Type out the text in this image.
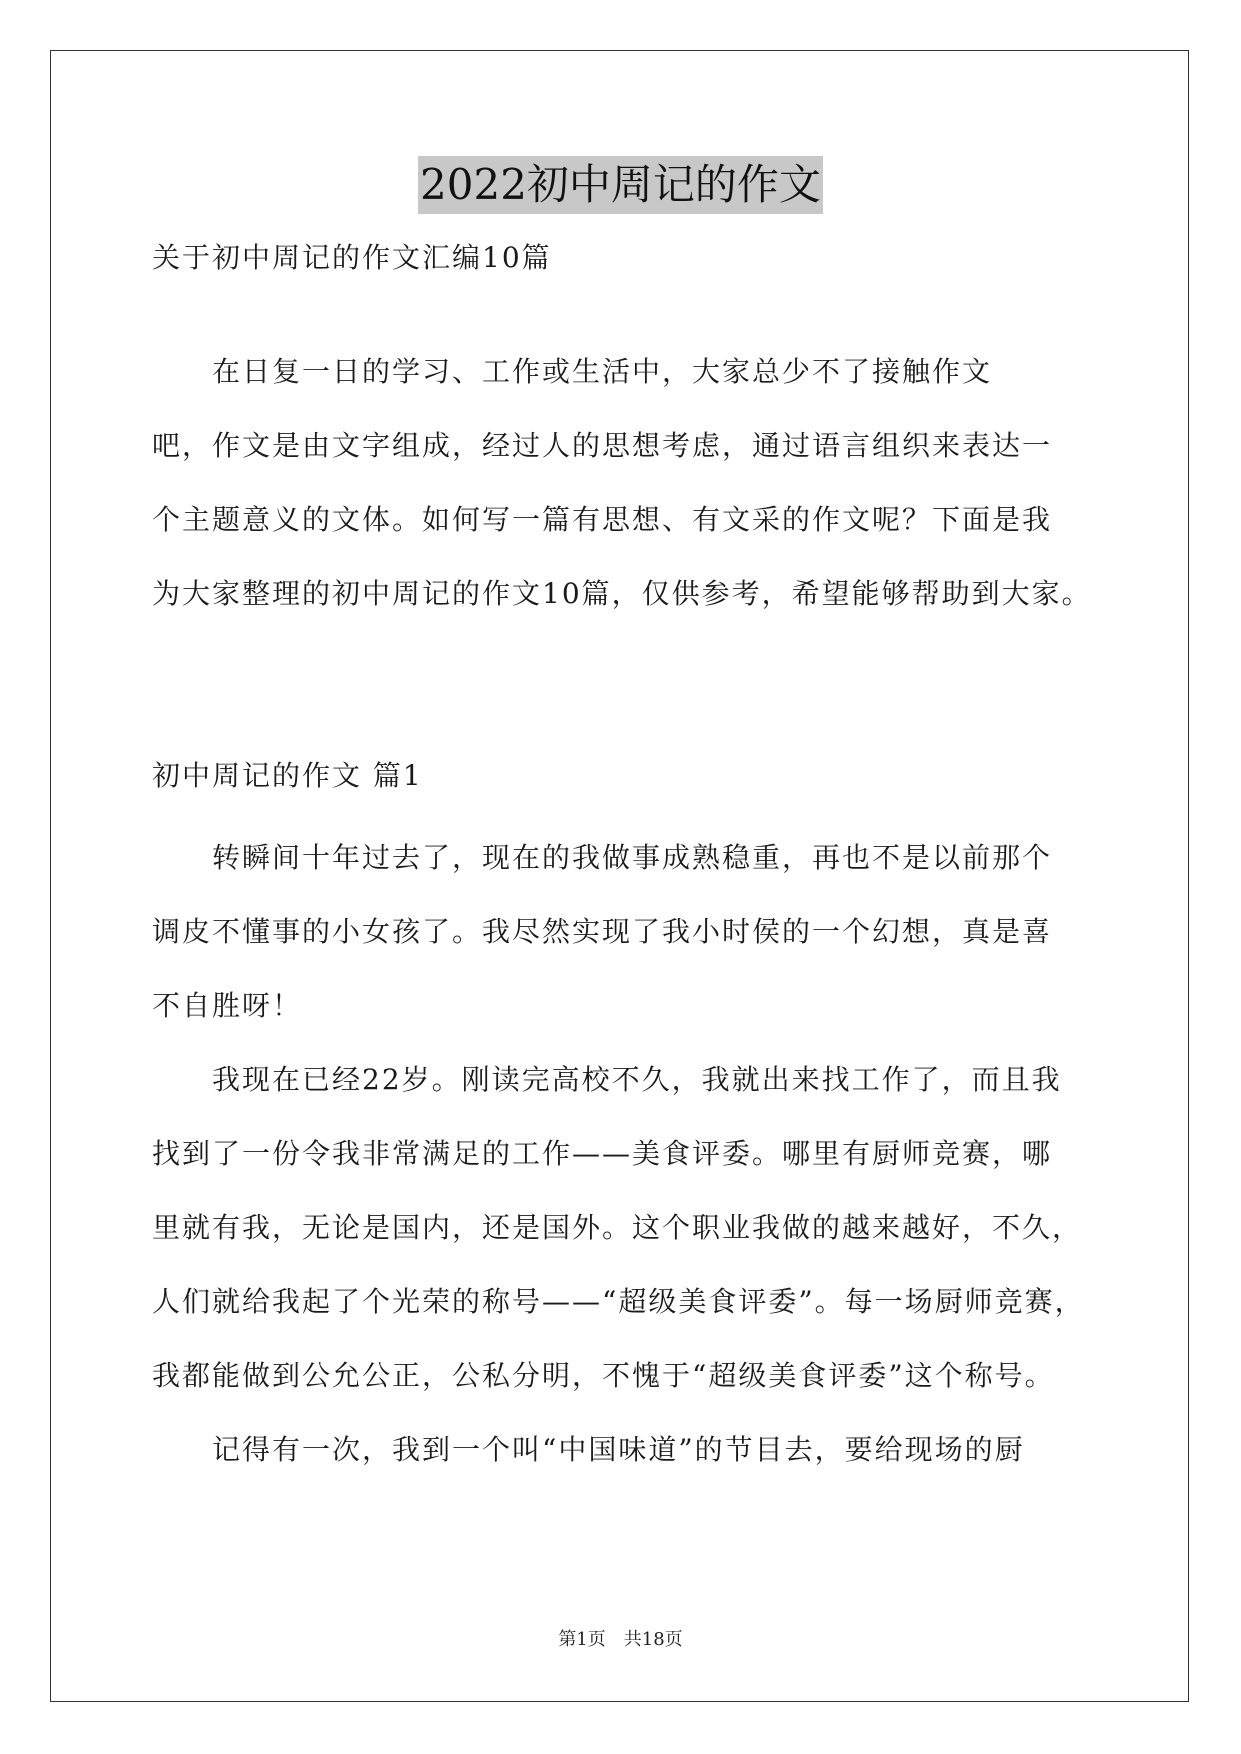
2022初中周记的作文
关于初中周记的作文汇编10篇
　　在日复一日的学习、工作或生活中，大家总少不了接触作文
吧，作文是由文字组成，经过人的思想考虑，通过语言组织来表达一
个主题意义的文体。如何写一篇有思想、有文采的作文呢？下面是我
为大家整理的初中周记的作文10篇，仅供参考，希望能够帮助到大家。
初中周记的作文 篇1
　　转瞬间十年过去了，现在的我做事成熟稳重，再也不是以前那个
调皮不懂事的小女孩了。我尽然实现了我小时侯的一个幻想，真是喜
不自胜呀！
　　我现在已经22岁。刚读完高校不久，我就出来找工作了，而且我
找到了一份令我非常满足的工作——美食评委。哪里有厨师竞赛，哪
里就有我，无论是国内，还是国外。这个职业我做的越来越好，不久，
人们就给我起了个光荣的称号——“超级美食评委”。每一场厨师竞赛，
我都能做到公允公正，公私分明，不愧于“超级美食评委”这个称号。
　　记得有一次，我到一个叫“中国味道”的节目去，要给现场的厨
第1页　共18页
